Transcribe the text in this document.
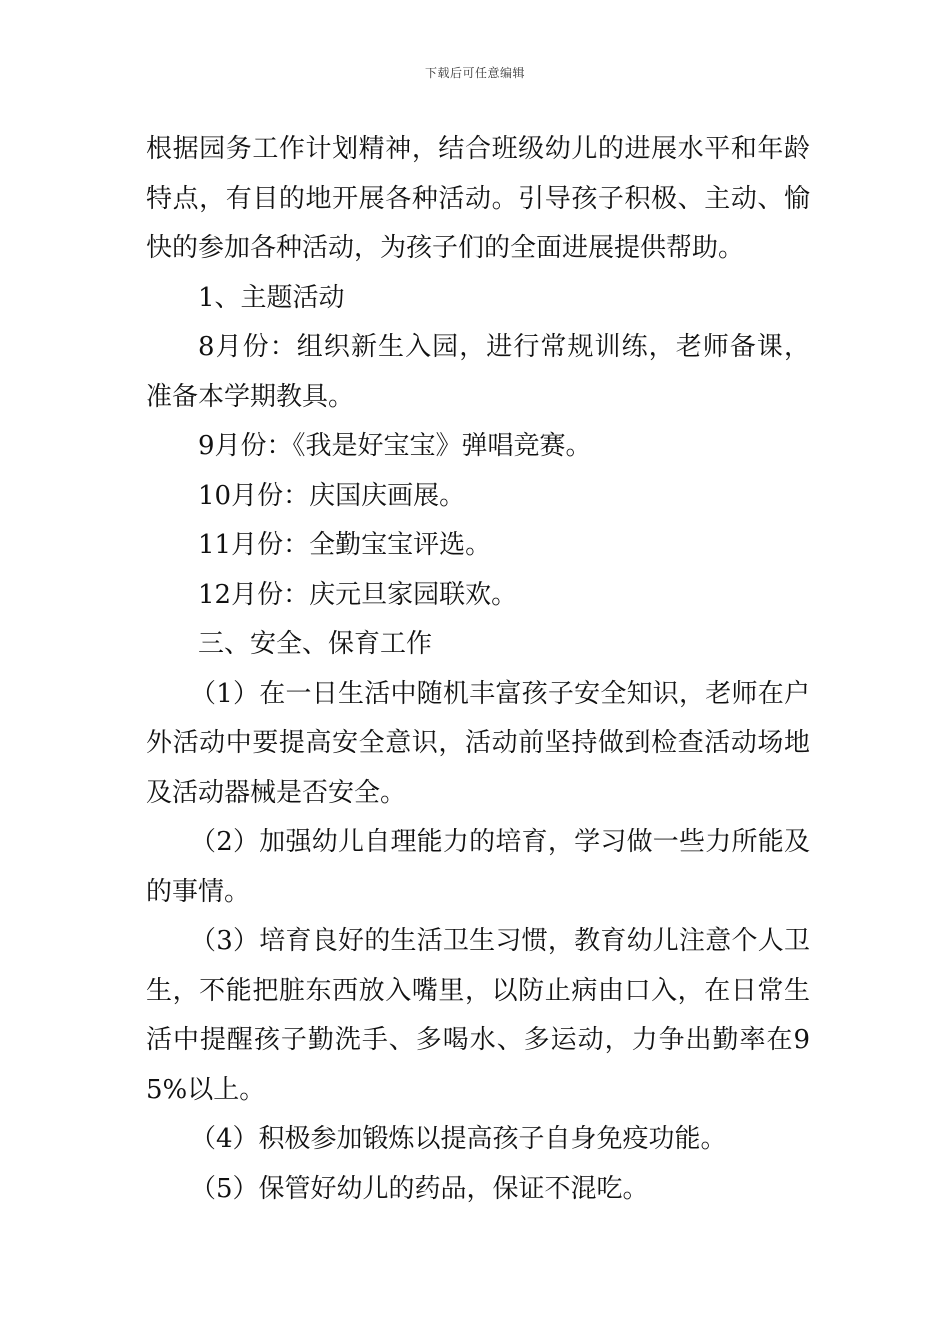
下载后可任意编辑

根据园务工作计划精神，结合班级幼儿的进展水平和年龄特点，有目的地开展各种活动。引导孩子积极、主动、愉快的参加各种活动，为孩子们的全面进展提供帮助。

1、主题活动

8月份：组织新生入园，进行常规训练，老师备课，准备本学期教具。

9月份：《我是好宝宝》弹唱竞赛。

10月份：庆国庆画展。

11月份：全勤宝宝评选。

12月份：庆元旦家园联欢。

三、安全、保育工作

（1）在一日生活中随机丰富孩子安全知识，老师在户外活动中要提高安全意识，活动前坚持做到检查活动场地及活动器械是否安全。

（2）加强幼儿自理能力的培育，学习做一些力所能及的事情。

（3）培育良好的生活卫生习惯，教育幼儿注意个人卫生，不能把脏东西放入嘴里，以防止病由口入，在日常生活中提醒孩子勤洗手、多喝水、多运动，力争出勤率在95%以上。

（4）积极参加锻炼以提高孩子自身免疫功能。

（5）保管好幼儿的药品，保证不混吃。
